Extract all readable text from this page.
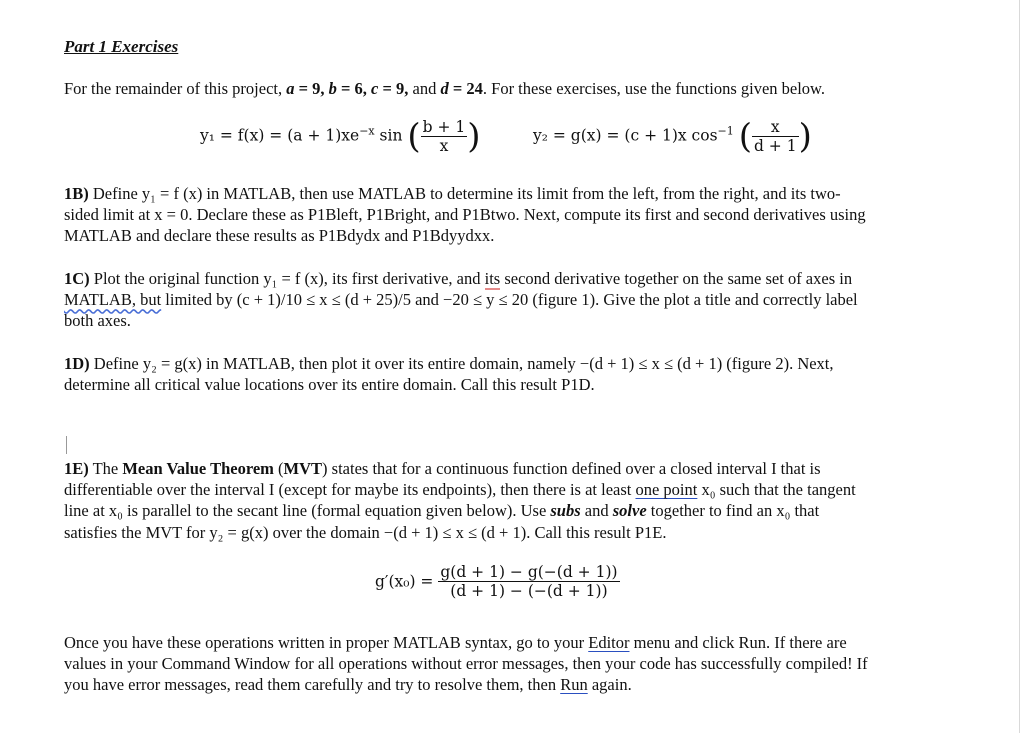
Part 1 Exercises
For the remainder of this project, a = 9, b = 6, c = 9, and d = 24. For these exercises, use the functions given below.
$y_1 = f(x) = (a + 1)xe^{-x}$ sin ( $\frac{b + 1}{x}$ )	y₂ = g(x) = (c + 1)x $\cos^{-1}$ ( $\frac{x}{d + 1}$ )
1B) Define y₁ = f (x) in MATLAB, then use MATLAB to determine its limit from the left, from the right, and its two-
sided limit at x = 0. Declare these as P1Bleft, P1Bright, and P1Btwo. Next, compute its first and second derivatives using
MATLAB and declare these results as P1Bdydx and P1Bdyydxx.
1C) Plot the original function y₁ = f (x), its first derivative, and its second derivative together on the same set of axes in
MATLAB, but limited by (c + 1)/10 ≤ x ≤ (d + 25)/5 and −20 ≤ y ≤ 20 (figure 1). Give the plot a title and correctly label
both axes.
1D) Define y₂ = g(x) in MATLAB, then plot it over its entire domain, namely −(d + 1) ≤ x ≤ (d + 1) (figure 2). Next,
determine all critical value locations over its entire domain. Call this result P1D.
1E) The Mean Value Theorem (MVT) states that for a continuous function defined over a closed interval I that is
differentiable over the interval I (except for maybe its endpoints), then there is at least one point x₀ such that the tangent
line at x₀ is parallel to the secant line (formal equation given below). Use subs and solve together to find an x₀ that
satisfies the MVT for y₂ = g(x) over the domain −(d + 1) ≤ x ≤ (d + 1). Call this result P1E.
$g'(x_0) = \frac{g(d + 1) - g(-(d + 1))}{(d + 1) - (-(d + 1))}$
Once you have these operations written in proper MATLAB syntax, go to your Editor menu and click Run. If there are
values in your Command Window for all operations without error messages, then your code has successfully compiled! If
you have error messages, read them carefully and try to resolve them, then Run again.
